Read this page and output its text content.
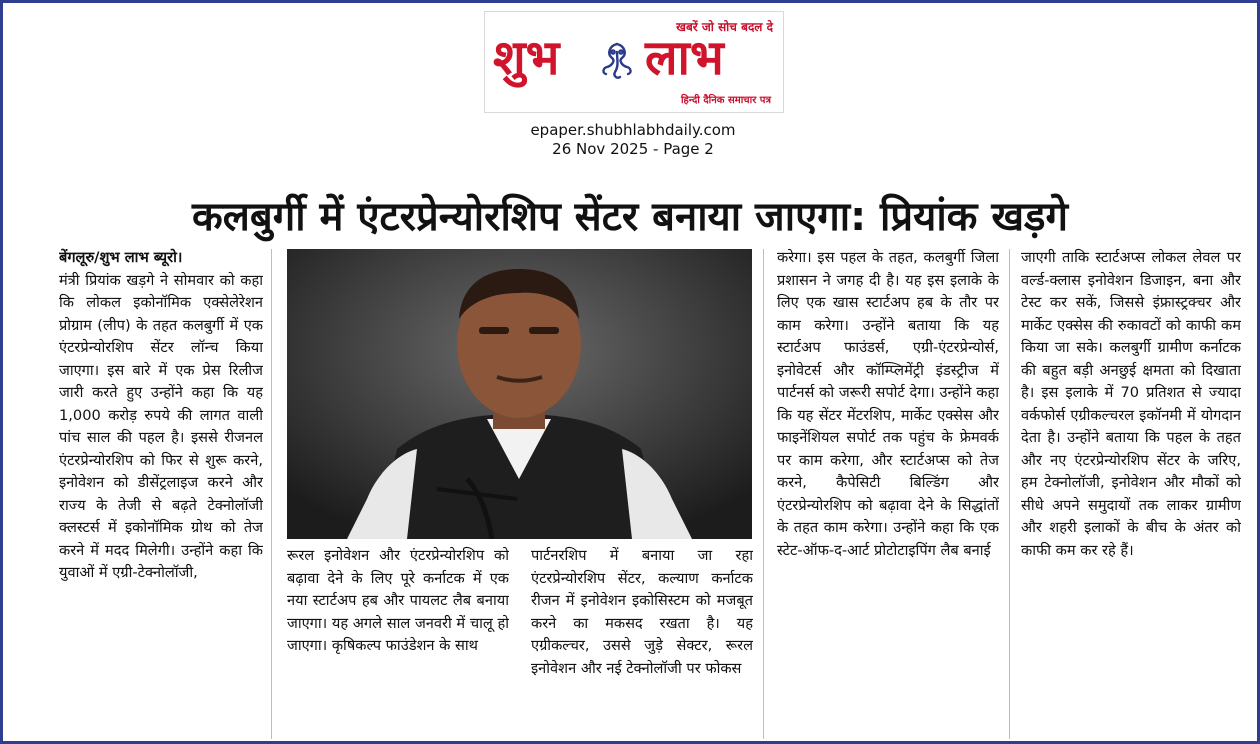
खबरें जो सोच बदल दे
शुभ लाभ
हिन्दी दैनिक समाचार पत्र
epaper.shubhlabhdaily.com
26 Nov 2025 - Page 2
कलबुर्गी में एंटरप्रेन्योरशिप सेंटर बनाया जाएगा: प्रियांक खड़गे
बेंगलूरु/शुभ लाभ ब्यूरो।
मंत्री प्रियांक खड़गे ने सोमवार को कहा कि लोकल इकोनॉमिक एक्सेलेरेशन प्रोग्राम (लीप) के तहत कलबुर्गी में एक एंटरप्रेन्योरशिप सेंटर लॉन्च किया जाएगा। इस बारे में एक प्रेस रिलीज जारी करते हुए उन्होंने कहा कि यह 1,000 करोड़ रुपये की लागत वाली पांच साल की पहल है। इससे रीजनल एंटरप्रेन्योरशिप को फिर से शुरू करने, इनोवेशन को डीसेंट्रलाइज करने और राज्य के तेजी से बढ़ते टेक्नोलॉजी क्लस्टर्स में इकोनॉमिक ग्रोथ को तेज करने में मदद मिलेगी। उन्होंने कहा कि युवाओं में एग्री-टेक्नोलॉजी,
रूरल इनोवेशन और एंटरप्रेन्योरशिप को बढ़ावा देने के लिए पूरे कर्नाटक में एक नया स्टार्टअप हब और पायलट लैब बनाया जाएगा। यह अगले साल जनवरी में चालू हो जाएगा। कृषिकल्प फाउंडेशन के साथ
पार्टनरशिप में बनाया जा रहा एंटरप्रेन्योरशिप सेंटर, कल्याण कर्नाटक रीजन में इनोवेशन इकोसिस्टम को मजबूत करने का मकसद रखता है। यह एग्रीकल्चर, उससे जुड़े सेक्टर, रूरल इनोवेशन और नई टेक्नोलॉजी पर फोकस
करेगा। इस पहल के तहत, कलबुर्गी जिला प्रशासन ने जगह दी है। यह इस इलाके के लिए एक खास स्टार्टअप हब के तौर पर काम करेगा। उन्होंने बताया कि यह स्टार्टअप फाउंडर्स, एग्री-एंटरप्रेन्योर्स, इनोवेटर्स और कॉम्प्लिमेंट्री इंडस्ट्रीज में पार्टनर्स को जरूरी सपोर्ट देगा। उन्होंने कहा कि यह सेंटर मेंटरशिप, मार्केट एक्सेस और फाइनेंशियल सपोर्ट तक पहुंच के फ्रेमवर्क पर काम करेगा, और स्टार्टअप्स को तेज करने, कैपेसिटी बिल्डिंग और एंटरप्रेन्योरशिप को बढ़ावा देने के सिद्धांतों के तहत काम करेगा। उन्होंने कहा कि एक स्टेट-ऑफ-द-आर्ट प्रोटोटाइपिंग लैब बनाई
जाएगी ताकि स्टार्टअप्स लोकल लेवल पर वर्ल्ड-क्लास इनोवेशन डिजाइन, बना और टेस्ट कर सकें, जिससे इंफ्रास्ट्रक्चर और मार्केट एक्सेस की रुकावटों को काफी कम किया जा सके। कलबुर्गी ग्रामीण कर्नाटक की बहुत बड़ी अनछुई क्षमता को दिखाता है। इस इलाके में 70 प्रतिशत से ज्यादा वर्कफोर्स एग्रीकल्चरल इकॉनमी में योगदान देता है। उन्होंने बताया कि पहल के तहत और नए एंटरप्रेन्योरशिप सेंटर के जरिए, हम टेक्नोलॉजी, इनोवेशन और मौकों को सीधे अपने समुदायों तक लाकर ग्रामीण और शहरी इलाकों के बीच के अंतर को काफी कम कर रहे हैं।
